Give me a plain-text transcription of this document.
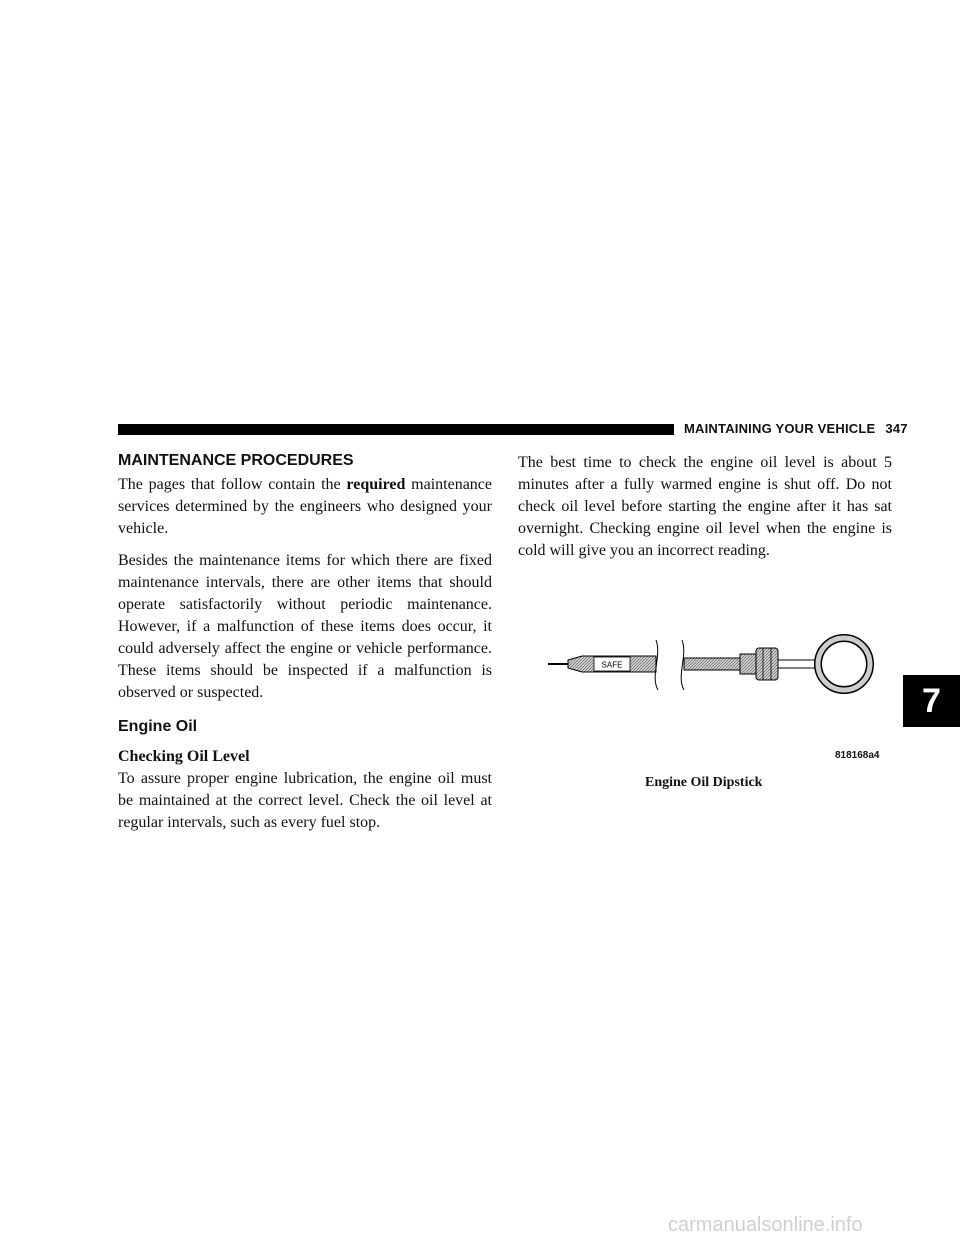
MAINTAINING YOUR VEHICLE 347
MAINTENANCE PROCEDURES

The pages that follow contain the required maintenance services determined by the engineers who designed your vehicle.

Besides the maintenance items for which there are fixed maintenance intervals, there are other items that should operate satisfactorily without periodic maintenance. However, if a malfunction of these items does occur, it could adversely affect the engine or vehicle performance. These items should be inspected if a malfunction is observed or suspected.

Engine Oil
Checking Oil Level

To assure proper engine lubrication, the engine oil must be maintained at the correct level. Check the oil level at regular intervals, such as every fuel stop.

The best time to check the engine oil level is about 5 minutes after a fully warmed engine is shut off. Do not check oil level before starting the engine after it has sat overnight. Checking engine oil level when the engine is cold will give you an incorrect reading.

SAFE
818168a4
Engine Oil Dipstick
7
carmanualsonline.info
